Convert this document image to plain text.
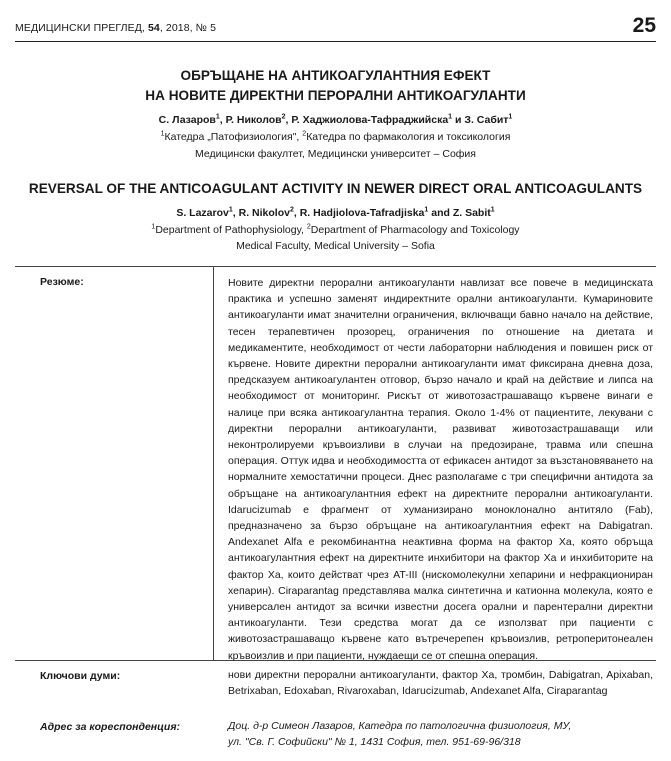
МЕДИЦИНСКИ ПРЕГЛЕД, 54, 2018, № 5	25
ОБРЪЩАНЕ НА АНТИКОАГУЛАНТНИЯ ЕФЕКТ
НА НОВИТЕ ДИРЕКТНИ ПЕРОРАЛНИ АНТИКОАГУЛАНТИ
С. Лазаров$^1$, Р. Николов$^2$, Р. Хаджиолова-Тафраджийска$^1$ и З. Сабит$^1$
$^1$Катедра „Патофизиология", $^2$Катедра по фармакология и токсикология
Медицински факултет, Медицински университет – София
REVERSAL OF THE ANTICOAGULANT ACTIVITY IN NEWER DIRECT ORAL ANTICOAGULANTS
S. Lazarov$^1$, R. Nikolov$^2$, R. Hadjiolova-Tafradjiska$^1$ and Z. Sabit$^1$
$^1$Department of Pathophysiology, $^2$Department of Pharmacology and Toxicology
Medical Faculty, Medical University – Sofia
Резюме:	Новите директни перорални антикоагуланти навлизат все повече в медицинската практика и успешно заменят индиректните орални антикоагуланти. Кумариновите антикоагуланти имат значителни ограничения, включващи бавно начало на действие, тесен терапевтичен прозорец, ограничения по отношение на диетата и медикаментите, необходимост от чести лабораторни наблюдения и повишен риск от кървене. Новите директни перорални антикоагуланти имат фиксирана дневна доза, предсказуем антикоагулантен отговор, бързо начало и край на действие и липса на необходимост от мониторинг. Рискът от животозастрашаващо кървене винаги е налице при всяка антикоагулантна терапия. Около 1-4% от пациентите, лекувани с директни перорални антикоагуланти, развиват животозастрашаващи или неконтролируеми кръвоизливи в случаи на предозиране, травма или спешна операция. Оттук идва и необходимостта от ефикасен антидот за възстановяването на нормалните хемостатични процеси. Днес разполагаме с три специфични антидота за обръщане на антикоагулантния ефект на директните перорални антикоагуланти. Idarucizumab е фрагмент от хуманизирано моноклонално антитяло (Fab), предназначено за бързо обръщане на антикоагулантния ефект на Dabigatran. Andexanet Alfa е рекомбинантна неактивна форма на фактор Xa, която обръща антикоагулантния ефект на директните инхибитори на фактор Xa и инхибиторите на фактор Xa, които действат чрез AT-III (нискомолекулни хепарини и нефракциониран хепарин). Ciraparantag представлява малка синтетична и катионна молекула, която е универсален антидот за всички известни досега орални и парентерални директни антикоагуланти. Тези средства могат да се използват при пациенти с животозастрашаващо кървене като вътречерепен кръвоизлив, ретроперитонеален кръвоизлив и при пациенти, нуждаещи се от спешна операция.
Ключови думи:	нови директни перорални антикоагуланти, фактор Xa, тромбин, Dabigatran, Apixaban, Betrixaban, Edoxaban, Rivaroxaban, Idarucizumab, Andexanet Alfa, Ciraparantag
Адрес за кореспонденция:	Доц. д-р Симеон Лазаров, Катедра по патологична физиология, МУ,
ул. "Св. Г. Софийски" № 1, 1431 София, тел. 951-69-96/318
